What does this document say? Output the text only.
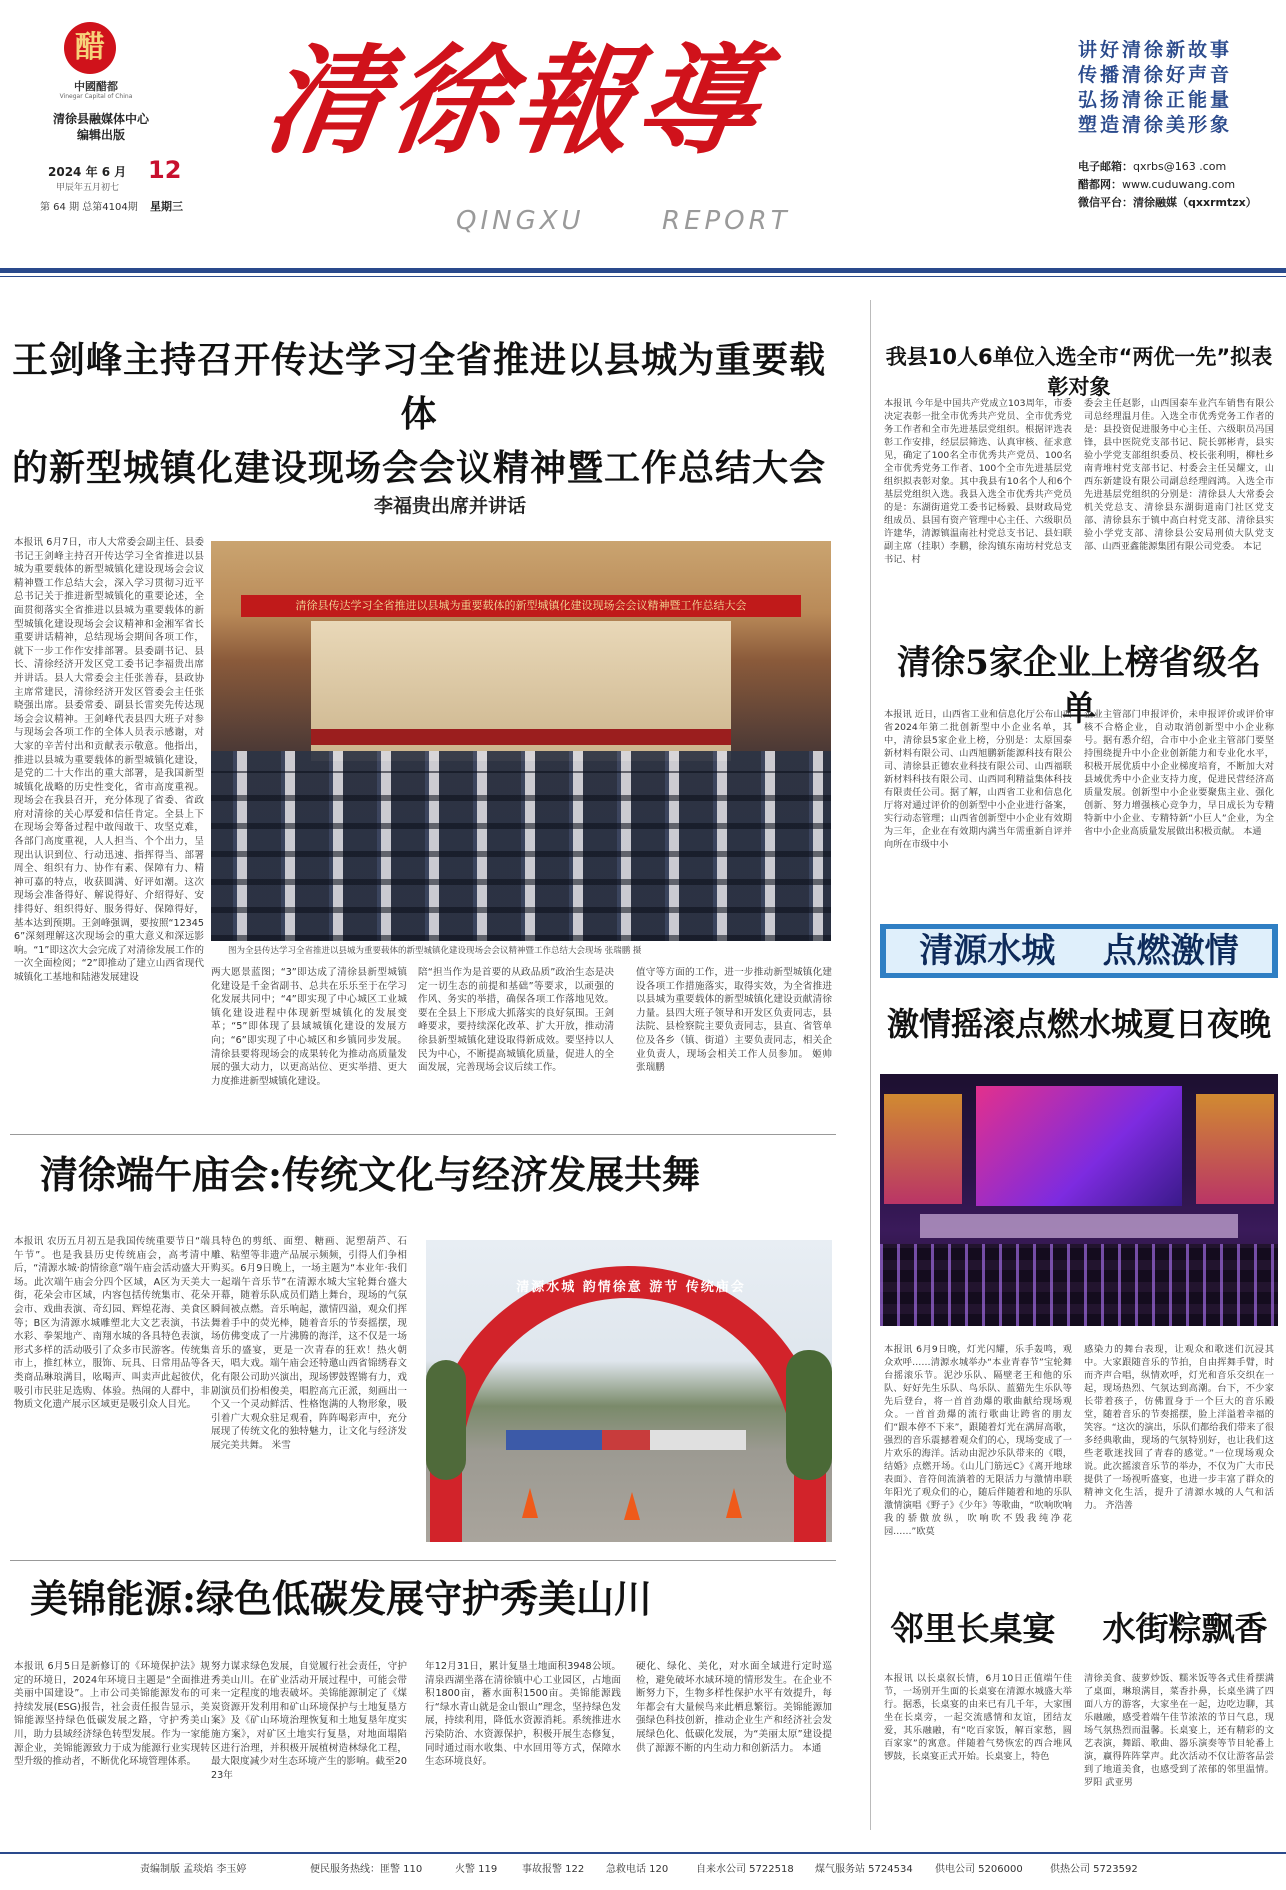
醋
中國醋都
Vinegar Capital of China
清徐县融媒体中心
编辑出版
2024 年 6 月 12
甲辰年五月初七
第 64 期 总第4104期 星期三
清徐報導
QINGXU	REPORT
讲好清徐新故事
传播清徐好声音
弘扬清徐正能量
塑造清徐美形象
电子邮箱：qxrbs@163 .com
醋都网：www.cuduwang.com
微信平台：清徐融媒（qxxrmtzx）
王剑峰主持召开传达学习全省推进以县城为重要载体
的新型城镇化建设现场会会议精神暨工作总结大会
李福贵出席并讲话
清徐县传达学习全省推进以县城为重要载体的新型城镇化建设现场会会议精神暨工作总结大会
图为全县传达学习全省推进以县城为重要载体的新型城镇化建设现场会会议精神暨工作总结大会现场 张瑞鹏 摄
本报讯 6月7日，市人大常委会副主任、县委书记王剑峰主持召开传达学习全省推进以县城为重要载体的新型城镇化建设现场会会议精神暨工作总结大会，深入学习贯彻习近平总书记关于推进新型城镇化的重要论述，全面贯彻落实全省推进以县城为重要载体的新型城镇化建设现场会会议精神和金湘军省长重要讲话精神，总结现场会期间各项工作，就下一步工作作安排部署。县委副书记、县长、清徐经济开发区党工委书记李福贵出席并讲话。县人大常委会主任张善春，县政协主席常建民，清徐经济开发区管委会主任张晓强出席。县委常委、副县长雷奕先传达现场会会议精神。王剑峰代表县四大班子对参与现场会各项工作的全体人员表示感谢，对大家的辛苦付出和贡献表示敬意。他指出，推进以县城为重要载体的新型城镇化建设，是党的二十大作出的重大部署，是我国新型城镇化战略的历史性变化，省市高度重视。现场会在我县召开，充分体现了省委、省政府对清徐的关心厚爱和信任肯定。全县上下在现场会筹备过程中敢闯敢干、攻坚克难，各部门高度重视，人人担当、个个出力，呈现出认识到位、行动迅速、指挥得当、部署周全、组织有力、协作有素、保障有力、精神可嘉的特点，收获圆满、好评如潮。这次现场会准备得好、解说得好、介绍得好、安排得好、组织得好、服务得好、保障得好，基本达到预期。王剑峰强调，要按照“123456”深刻理解这次现场会的重大意义和深远影响。“1”即这次大会完成了对清徐发展工作的一次全面检阅；“2”即推动了建立山西省现代城镇化工基地和陆港发展建设	两大愿景蓝图；“3”即达成了清徐县新型城镇化建设是千金省副书、总共在乐乐至于在学习化发展共同中；“4”即实现了中心城区工业城镇化建设进程中体现新型城镇化的发展变革；“5”即体现了县域城镇化建设的发展方向；“6”即实现了中心城区和乡镇同步发展。清徐县要将现场会的成果转化为推动高质量发展的强大动力，以更高站位、更实举措、更大力度推进新型城镇化建设。
陪“担当作为是首要的从政品质”政治生态是决定一切生态的前提和基础”等要求，以顽强的作风、务实的举措，确保各项工作落地见效。要在全县上下形成大抓落实的良好氛围。王剑峰要求，要持续深化改革、扩大开放，推动清徐县新型城镇化建设取得新成效。要坚持以人民为中心，不断提高城镇化质量，促进人的全面发展，完善现场会议后续工作。
值守等方面的工作，进一步推动新型城镇化建设各项工作措施落实，取得实效，为全省推进以县城为重要载体的新型城镇化建设贡献清徐力量。县四大班子领导和开发区负责同志，县法院、县检察院主要负责同志，县直、省管单位及各乡（镇、街道）主要负责同志，相关企业负责人，现场会相关工作人员参加。 姬帅 张瑞鹏
清徐端午庙会:传统文化与经济发展共舞
本报讯 农历五月初五是我国传统重要节日“端午节”。也是我县历史传统庙会，高考清中后，“清源水城·韵情徐意”端午庙会活动盛大开场。此次端午庙会分四个区域，A区为天美大街，花朵会市区域，内容包括传统集市、花朵会市、戏曲表演、奇幻园、辉煌花海、美食区等；B区为清源水城雕塑北大文艺表演，书法水彩、拳架地产、南翔水城的各具特色表演，形式多样的活动吸引了众多市民游客。传统集市上，推红林立，服饰、玩具、日常用品等各类商品琳琅满目，吆喝声、叫卖声此起彼伏，吸引市民驻足选购、体验。热闹的人群中，非物质文化遗产展示区域更是吸引众人目光。
具特色的剪纸、面塑、糖画、泥塑葫芦、石雕、粘塑等非遗产品展示频频，引得人们争相购买。6月9日晚上，一场主题为“本业年·我们一起端午音乐节”在清源水城大宝轮舞台盛大开幕，随着乐队成员们踏上舞台，现场的气氛瞬间被点燃。音乐响起，激情四溢，观众们挥舞着手中的荧光棒，随着音乐的节奏摇摆，现场仿佛变成了一片沸腾的海洋，这不仅是一场音乐的盛宴，更是一次青春的狂欢！热火朝天，唱大戏。端午庙会还特邀山西省锦绣春文化有限公司助兴演出，现场锣鼓铿锵有力，戏剧演员们扮相俊美，唱腔高亢正派，刻画出一个又一个灵动鲜活、性格饱满的人物形象，吸引着广大观众驻足观看，阵阵喝彩声中，充分展现了传统文化的独特魅力，让文化与经济发展完美共舞。 米雪
清源水城 韵情徐意 游节 传统庙会
美锦能源:绿色低碳发展守护秀美山川
本报讯 6月5日是新修订的《环境保护法》规定的环境日，2024年环境日主题是“全面推进美丽中国建设”。上市公司美锦能源发布的可持续发展(ESG)报告，社会责任报告显示，美锦能源坚持绿色低碳发展之路，守护秀美山川，助力县域经济绿色转型发展。作为一家能源企业，美锦能源致力于成为能源行业实现转型升级的推动者，不断优化环境管理体系。
努力谋求绿色发展，自觉履行社会责任，守护秀美山川。在矿业活动开展过程中，可能会带来一定程度的地表破坏。美锦能源制定了《煤炭资源开发利用和矿山环境保护与土地复垦方案》及《矿山环境治理恢复和土地复垦年度实施方案》，对矿区土地实行复垦，对地面塌陷区进行治理，并积极开展植树造林绿化工程，最大限度减少对生态环境产生的影响。截至2023年
年12月31日，累计复垦土地面积3948公顷。清泉西湖坐落在清徐镇中心工业园区，占地面积1800亩，蓄水面积1500亩。美锦能源践行“绿水青山就是金山银山”理念，坚持绿色发展，持续利用，降低水资源消耗。系统推进水污染防治、水资源保护，积极开展生态修复，同时通过雨水收集、中水回用等方式，保障水生态环境良好。
硬化、绿化、美化，对水面全域进行定时巡检，避免破坏水域环境的情形发生。在企业不断努力下，生物多样性保护水平有效提升，每年都会有大量候鸟来此栖息繁衍。美锦能源加强绿色科技创新，推动企业生产和经济社会发展绿色化、低碳化发展，为“美丽太原”建设提供了源源不断的内生动力和创新活力。 本通
我县10人6单位入选全市“两优一先”拟表彰对象
本报讯 今年是中国共产党成立103周年，市委决定表彰一批全市优秀共产党员、全市优秀党务工作者和全市先进基层党组织。根据评选表彰工作安排，经层层筛选、认真审核、征求意见，确定了100名全市优秀共产党员、100名全市优秀党务工作者、100个全市先进基层党组织拟表彰对象。其中我县有10名个人和6个基层党组织入选。我县入选全市优秀共产党员的是：东湖街道党工委书记杨毅、县财政局党组成员、县国有资产管理中心主任、六级职员许建华，清源镇温南社村党总支书记、县妇联副主席（挂职）李鹏，徐沟镇东南坊村党总支书记、村
委会主任赵影，山西国泰车业汽车销售有限公司总经理温月佳。入选全市优秀党务工作者的是：县投资促进服务中心主任、六级职员冯国锋，县中医院党支部书记、院长郭彬青，县实验小学党支部组织委员、校长张利明，柳杜乡南青堆村党支部书记、村委会主任吴耀文，山西东新建设有限公司副总经理阎鸿。入选全市先进基层党组织的分别是：清徐县人大常委会机关党总支、清徐县东湖街道南门社区党支部、清徐县东于镇中高白村党支部、清徐县实验小学党支部、清徐县公安局刑侦大队党支部、山西亚鑫能源集团有限公司党委。 本记
清徐5家企业上榜省级名单
本报讯 近日，山西省工业和信息化厅公布山西省2024年第二批创新型中小企业名单，其中，清徐县5家企业上榜，分别是：太原国泰新材料有限公司、山西旭鹏新能源科技有限公司、清徐县正德农业科技有限公司、山西福联新材料科技有限公司、山西同利精益集体科技有限责任公司。据了解，山西省工业和信息化厅将对通过评价的创新型中小企业进行备案，实行动态管理；山西省创新型中小企业有效期为三年，企业在有效期内满当年需重新自评并向所在市级中小
企业主管部门申报评价，未申报评价或评价审核不合格企业，自动取消创新型中小企业称号。据有悉介绍，合市中小企业主管部门要坚持围绕提升中小企业创新能力和专业化水平，积极开展优质中小企业梯度培育，不断加大对县域优秀中小企业支持力度，促进民营经济高质量发展。创新型中小企业要聚焦主业、强化创新、努力增强核心竞争力，早日成长为专精特新中小企业、专精特新“小巨人”企业，为全省中小企业高质量发展做出积极贡献。 本通
清源水城    点燃激情
激情摇滚点燃水城夏日夜晚
本报讯 6月9日晚，灯光闪耀，乐手轰鸣，观众欢呼……清源水城举办“本业青春节”宝轮舞台摇滚乐节。泥沙乐队、隔壁老王和他的乐队、好好先生乐队、鸟乐队、蓝猫先生乐队等先后登台，将一首首劲爆的歌曲献给现场观众。一首首劲爆的流行歌曲让跨省的朋友们“跟本停不下来”，跟随着灯光在满屏高歌，强烈的音乐震撼着观众们的心，现场变成了一片欢乐的海洋。活动由泥沙乐队带来的《喂，结婚》点燃开场。《山儿门筋远C》《离开地球表面》、音符间流淌着的无限活力与激情串联年阳光了观众们的心，随后伴随着和地的乐队激情演唱《野子》《少年》等歌曲，“吹响吹响我的骄傲放纵，吹响吹不毁我纯净花园……”欧莫
感染力的舞台表现，让观众和歌迷们沉浸其中。大家跟随音乐的节拍，自由挥舞手臂，时而齐声合唱，纵情欢呼，灯光和音乐交织在一起，现场热烈、气氛达到高潮。台下，不少家长带着孩子，仿佛置身于一个巨大的音乐殿堂，随着音乐的节奏摇摆，脸上洋溢着幸福的笑容。“这次的演出，乐队们都给我们带来了很多经典歌曲，现场的气氛特别好，也让我们这些老歌迷找回了青春的感觉。”一位现场观众说。此次摇滚音乐节的举办，不仅为广大市民提供了一场视听盛宴，也进一步丰富了群众的精神文化生活，提升了清源水城的人气和活力。 齐浩善
邻里长桌宴 水街粽飘香
本报讯 以长桌叙长情，6月10日正值端午佳节，一场别开生面的长桌宴在清源水城盛大举行。据悉，长桌宴的由来已有几千年，大家围坐在长桌旁，一起交流感情和友谊，团结友爱，其乐融融，有“吃百家饭，解百家愁，圆百家家”的寓意。伴随着气势恢宏的西合堆风锣鼓，长桌宴正式开始。长桌宴上，特色
清徐美食、菠萝炒饭、糯米饭等各式佳肴摆满了桌面，琳琅满目，菜香扑鼻，长桌坐满了四面八方的游客，大家坐在一起，边吃边聊，其乐融融，感受着端午佳节浓浓的节日气息，现场气氛热烈而温馨。长桌宴上，还有精彩的文艺表演，舞蹈、歌曲、器乐演奏等节目轮番上演，赢得阵阵掌声。此次活动不仅让游客品尝到了地道美食，也感受到了浓郁的邻里温情。 罗阳 武亚男
责编制版 孟琰焰 李玉婷	便民服务热线：匪警 110	火警 119 事故报警 122 急救电话 120	自来水公司 5722518 煤气服务站 5724534 供电公司 5206000	供热公司 5723592
